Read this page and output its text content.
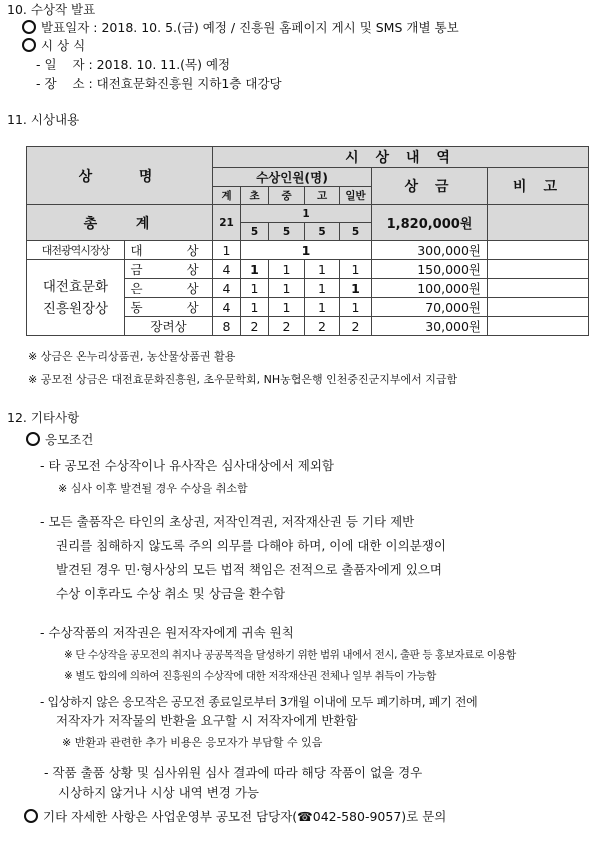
10. 수상작 발표
발표일자 : 2018. 10. 5.(금) 예정 / 진흥원 홈페이지 게시 및 SMS 개별 통보
시 상 식
- 일    자 : 2018. 10. 11.(목) 예정
- 장    소 : 대전효문화진흥원 지하1층 대강당
11. 시상내용
상   명		시 상 내 역						
		수상인원(명)					상 금	비 고
		계	초	중	고	일반		
총   계		21	1				1,820,000원	
			5	5	5	5		
대전광역시장상	대   상	1	1				300,000원	

대전효문화
진흥원장상	금   상	4	1	1	1	1	150,000원	
	은   상	4	1	1	1	1	100,000원	
	동   상	4	1	1	1	1	70,000원	
	장려상	8	2	2	2	2	30,000원	
※ 상금은 온누리상품권, 농산물상품권 활용
※ 공모전 상금은 대전효문화진흥원, 초우문학회, NH농협은행 인천중진군지부에서 지급함
12. 기타사항
응모조건
- 타 공모전 수상작이나 유사작은 심사대상에서 제외함
※ 심사 이후 발견될 경우 수상을 취소함
- 모든 출품작은 타인의 초상권, 저작인격권, 저작재산권 등 기타 제반
권리를 침해하지 않도록 주의 의무를 다해야 하며, 이에 대한 이의분쟁이
발견된 경우 민·형사상의 모든 법적 책임은 전적으로 출품자에게 있으며
수상 이후라도 수상 취소 및 상금을 환수함
- 수상작품의 저작권은 원저작자에게 귀속 원칙
※ 단 수상작을 공모전의 취지나 공공목적을 달성하기 위한 범위 내에서 전시, 출판 등 홍보자료로 이용함
※ 별도 합의에 의하여 진흥원의 수상작에 대한 저작재산권 전체나 일부 취득이 가능함
- 입상하지 않은 응모작은 공모전 종료일로부터 3개월 이내에 모두 폐기하며, 폐기 전에
저작자가 저작물의 반환을 요구할 시 저작자에게 반환함
※ 반환과 관련한 추가 비용은 응모자가 부담할 수 있음
- 작품 출품 상황 및 심사위원 심사 결과에 따라 해당 작품이 없을 경우
시상하지 않거나 시상 내역 변경 가능
기타 자세한 사항은 사업운영부 공모전 담당자(☎042-580-9057)로 문의
